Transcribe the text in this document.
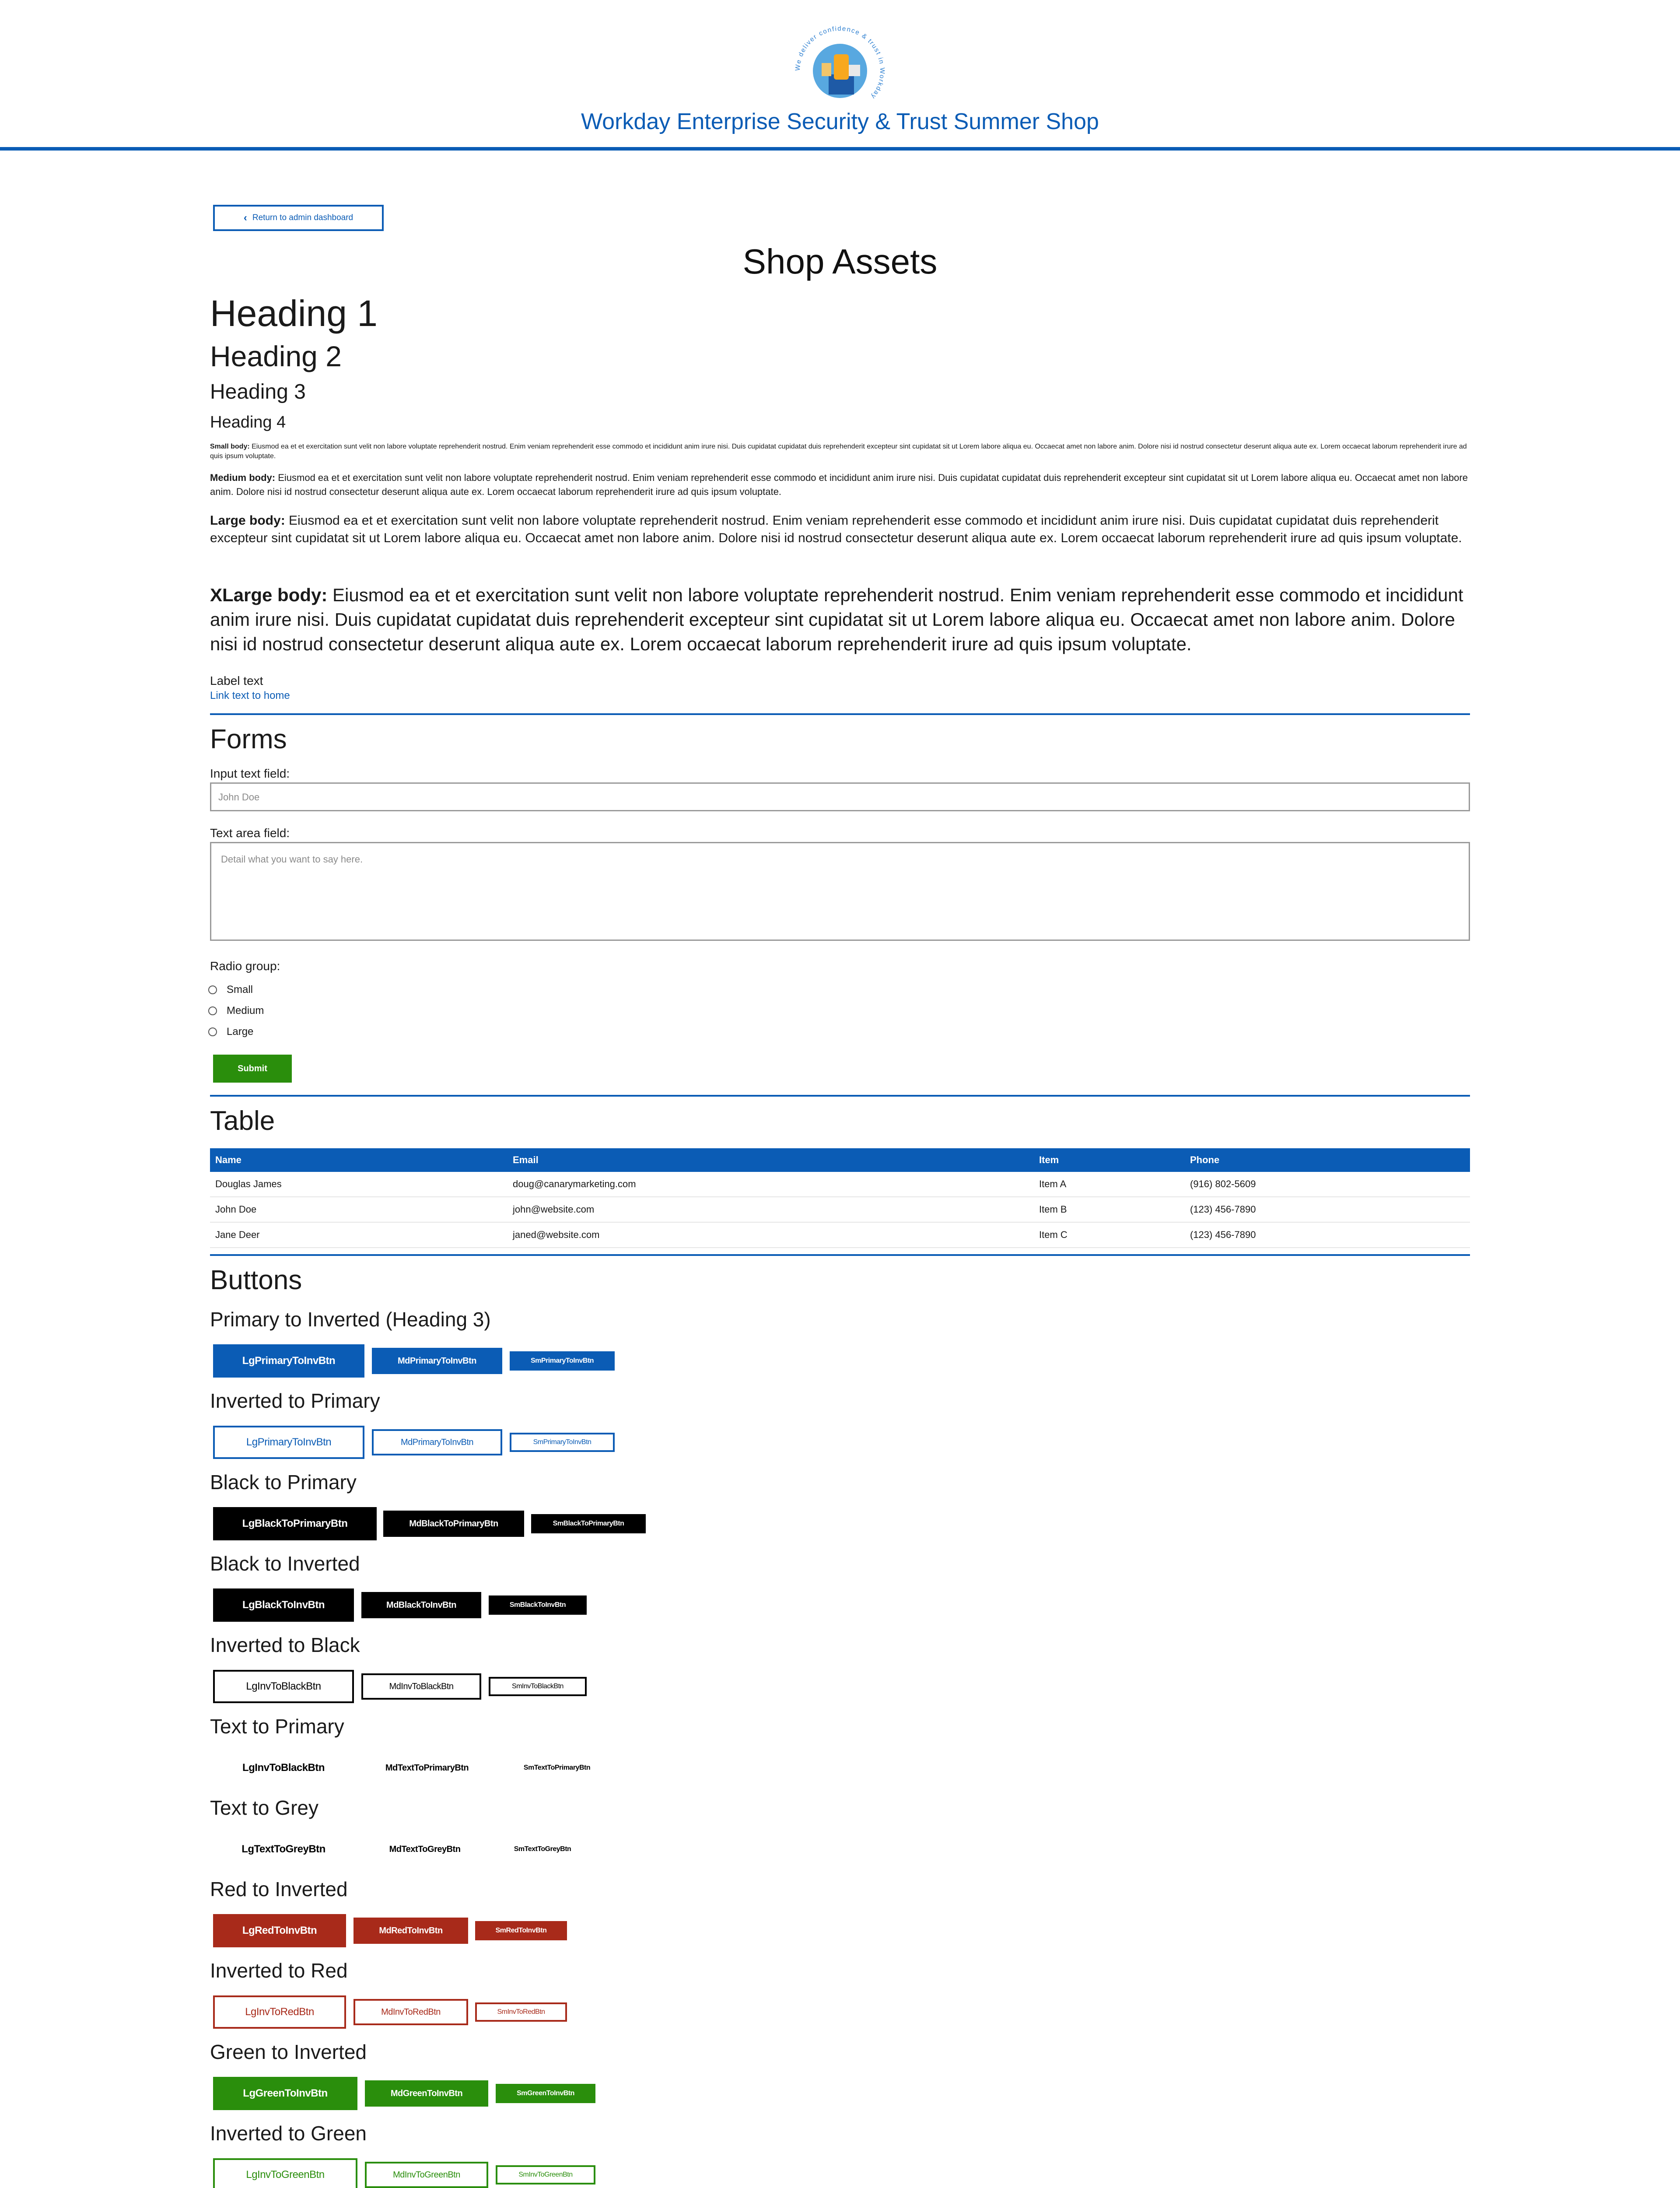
We deliver confidence & trust in Workday
Workday Enterprise Security & Trust Summer Shop
‹ Return to admin dashboard
Shop Assets
Heading 1
Heading 2
Heading 3
Heading 4

Small body: Eiusmod ea et et exercitation sunt velit non labore voluptate reprehenderit nostrud. Enim veniam reprehenderit esse commodo et incididunt anim irure nisi. Duis cupidatat cupidatat duis reprehenderit excepteur sint cupidatat sit ut Lorem labore aliqua eu. Occaecat amet non labore anim. Dolore nisi id nostrud consectetur deserunt aliqua aute ex. Lorem occaecat laborum reprehenderit irure ad quis ipsum voluptate.

Medium body: Eiusmod ea et et exercitation sunt velit non labore voluptate reprehenderit nostrud. Enim veniam reprehenderit esse commodo et incididunt anim irure nisi. Duis cupidatat cupidatat duis reprehenderit excepteur sint cupidatat sit ut Lorem labore aliqua eu. Occaecat amet non labore anim. Dolore nisi id nostrud consectetur deserunt aliqua aute ex. Lorem occaecat laborum reprehenderit irure ad quis ipsum voluptate.

Large body: Eiusmod ea et et exercitation sunt velit non labore voluptate reprehenderit nostrud. Enim veniam reprehenderit esse commodo et incididunt anim irure nisi. Duis cupidatat cupidatat duis reprehenderit excepteur sint cupidatat sit ut Lorem labore aliqua eu. Occaecat amet non labore anim. Dolore nisi id nostrud consectetur deserunt aliqua aute ex. Lorem occaecat laborum reprehenderit irure ad quis ipsum voluptate.

XLarge body: Eiusmod ea et et exercitation sunt velit non labore voluptate reprehenderit nostrud. Enim veniam reprehenderit esse commodo et incididunt anim irure nisi. Duis cupidatat cupidatat duis reprehenderit excepteur sint cupidatat sit ut Lorem labore aliqua eu. Occaecat amet non labore anim. Dolore nisi id nostrud consectetur deserunt aliqua aute ex. Lorem occaecat laborum reprehenderit irure ad quis ipsum voluptate.

Label text
Link text to home
Forms
Input text field:
John Doe
Text area field:
Detail what you want to say here.
Radio group:
Small
Medium
Large
Submit
Table
Name	Email	Item	Phone
Douglas James	doug@canarymarketing.com	Item A	(916) 802-5609
John Doe	john@website.com	Item B	(123) 456-7890
Jane Deer	janed@website.com	Item C	(123) 456-7890
Buttons
Primary to Inverted (Heading 3)
LgPrimaryToInvBtn	MdPrimaryToInvBtn	SmPrimaryToInvBtn
Inverted to Primary
LgPrimaryToInvBtn	MdPrimaryToInvBtn	SmPrimaryToInvBtn
Black to Primary
LgBlackToPrimaryBtn	MdBlackToPrimaryBtn	SmBlackToPrimaryBtn
Black to Inverted
LgBlackToInvBtn	MdBlackToInvBtn	SmBlackToInvBtn
Inverted to Black
LgInvToBlackBtn	MdInvToBlackBtn	SmInvToBlackBtn
Text to Primary
LgInvToBlackBtn	MdTextToPrimaryBtn	SmTextToPrimaryBtn
Text to Grey
LgTextToGreyBtn	MdTextToGreyBtn	SmTextToGreyBtn
Red to Inverted
LgRedToInvBtn	MdRedToInvBtn	SmRedToInvBtn
Inverted to Red
LgInvToRedBtn	MdInvToRedBtn	SmInvToRedBtn
Green to Inverted
LgGreenToInvBtn	MdGreenToInvBtn	SmGreenToInvBtn
Inverted to Green
LgInvToGreenBtn	MdInvToGreenBtn	SmInvToGreenBtn
